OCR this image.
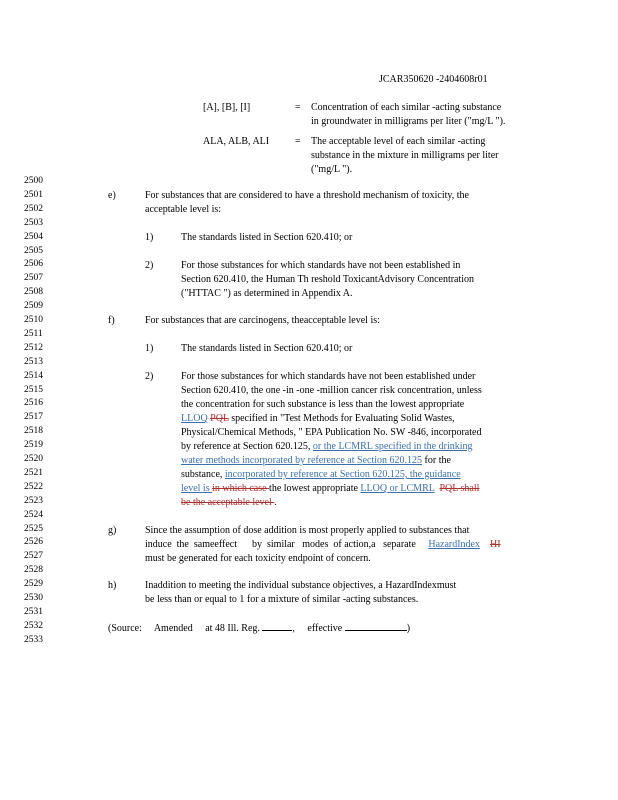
JCAR350620 -2404608r01
[A], [B], [I]	= Concentration of each similar -acting substance
in groundwater in milligrams per liter ("mg/L ").
ALA, ALB, ALI	= The acceptable level of each similar -acting
substance in the mixture in milligrams per liter
("mg/L ").
2500
2501
2502
2503
2504
2505
2506
2507
2508
2509
2510
2511
2512
2513
2514
2515
2516
2517
2518
2519
2520
2521
2522
2523
2524
2525
2526
2527
2528
2529
2530
2531
2532
2533
e)	For substances that are considered to have a threshold mechanism of toxicity, the
acceptable level is:
1)	The standards listed in Section 620.410; or
2)	For those substances for which standards have not been established in
Section 620.410, the Human Th reshold ToxicantAdvisory Concentration
("HTTAC ") as determined in Appendix A.
f)	For substances that are carcinogens, theacceptable level is:
1)	The standards listed in Section 620.410; or
2)	For those substances for which standards have not been established under
Section 620.410, the one -in -one -million cancer risk concentration, unless
the concentration for such substance is less than the lowest appropriate
LLOQ PQL specified in "Test Methods for Evaluating Solid Wastes,
Physical/Chemical Methods, " EPA Publication No. SW -846, incorporated
by reference at Section 620.125, or the LCMRL specified in the drinking
water methods incorporated by reference at Section 620.125 for the
substance, incorporated by reference at Section 620.125, the guidance
level is in which case the lowest appropriate LLOQ or LCMRL PQL shall
be the acceptable level .
g)	Since the assumption of dose addition is most properly applied to substances that
induce  the  sameeffect      by  similar   modes  of action,a   separate     HazardIndex HI
must be generated for each toxicity endpoint of concern.
h)	Inaddition to meeting the individual substance objectives, a HazardIndexmust
be less than or equal to 1 for a mixture of similar -acting substances.
(Source:     Amended     at 48 Ill. Reg.	,     effective	)
